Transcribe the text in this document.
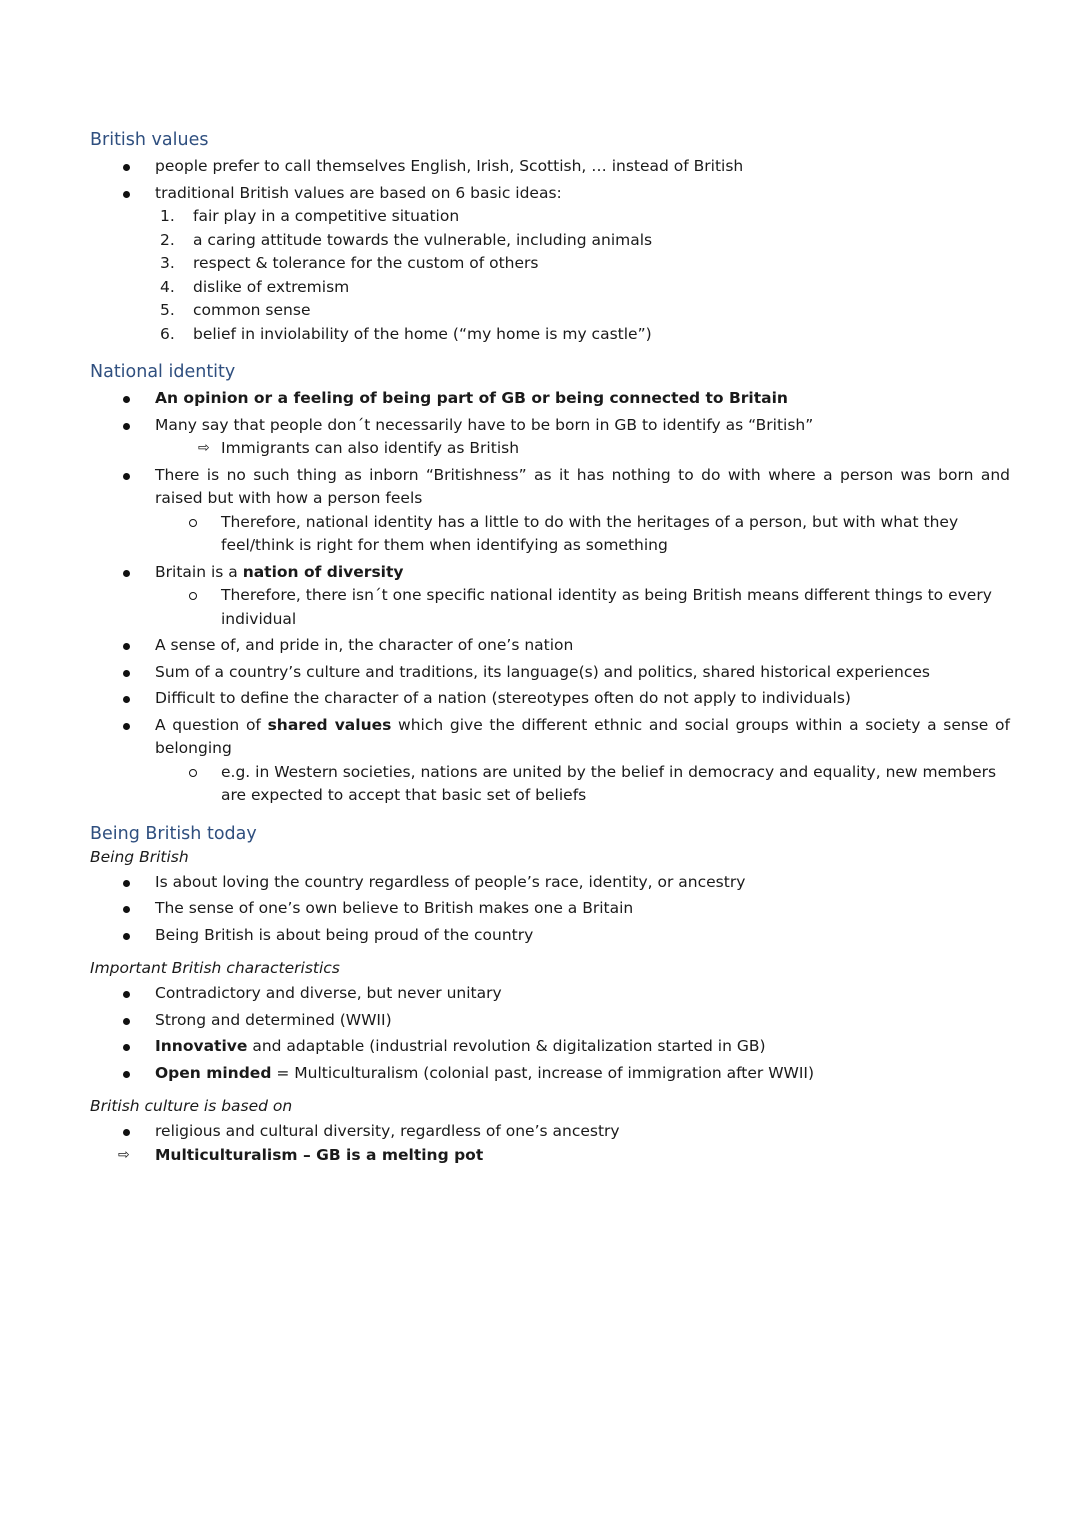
British values

people prefer to call themselves English, Irish, Scottish, … instead of British
traditional British values are based on 6 basic ideas:
1. fair play in a competitive situation
2. a caring attitude towards the vulnerable, including animals
3. respect & tolerance for the custom of others
4. dislike of extremism
5. common sense
6. belief in inviolability of the home (“my home is my castle”)

National identity

An opinion or a feeling of being part of GB or being connected to Britain
Many say that people don´t necessarily have to be born in GB to identify as “British”
⇨ Immigrants can also identify as British
There is no such thing as inborn “Britishness” as it has nothing to do with where a person was born and raised but with how a person feels
Therefore, national identity has a little to do with the heritages of a person, but with what they feel/think is right for them when identifying as something
Britain is a nation of diversity
Therefore, there isn´t one specific national identity as being British means different things to every individual
A sense of, and pride in, the character of one’s nation
Sum of a country’s culture and traditions, its language(s) and politics, shared historical experiences
Difficult to define the character of a nation (stereotypes often do not apply to individuals)
A question of shared values which give the different ethnic and social groups within a society a sense of belonging
e.g. in Western societies, nations are united by the belief in democracy and equality, new members are expected to accept that basic set of beliefs

Being British today

Being British

Is about loving the country regardless of people’s race, identity, or ancestry
The sense of one’s own believe to British makes one a Britain
Being British is about being proud of the country

Important British characteristics

Contradictory and diverse, but never unitary
Strong and determined (WWII)
Innovative and adaptable (industrial revolution & digitalization started in GB)
Open minded = Multiculturalism (colonial past, increase of immigration after WWII)

British culture is based on

religious and cultural diversity, regardless of one’s ancestry
⇨ Multiculturalism – GB is a melting pot
